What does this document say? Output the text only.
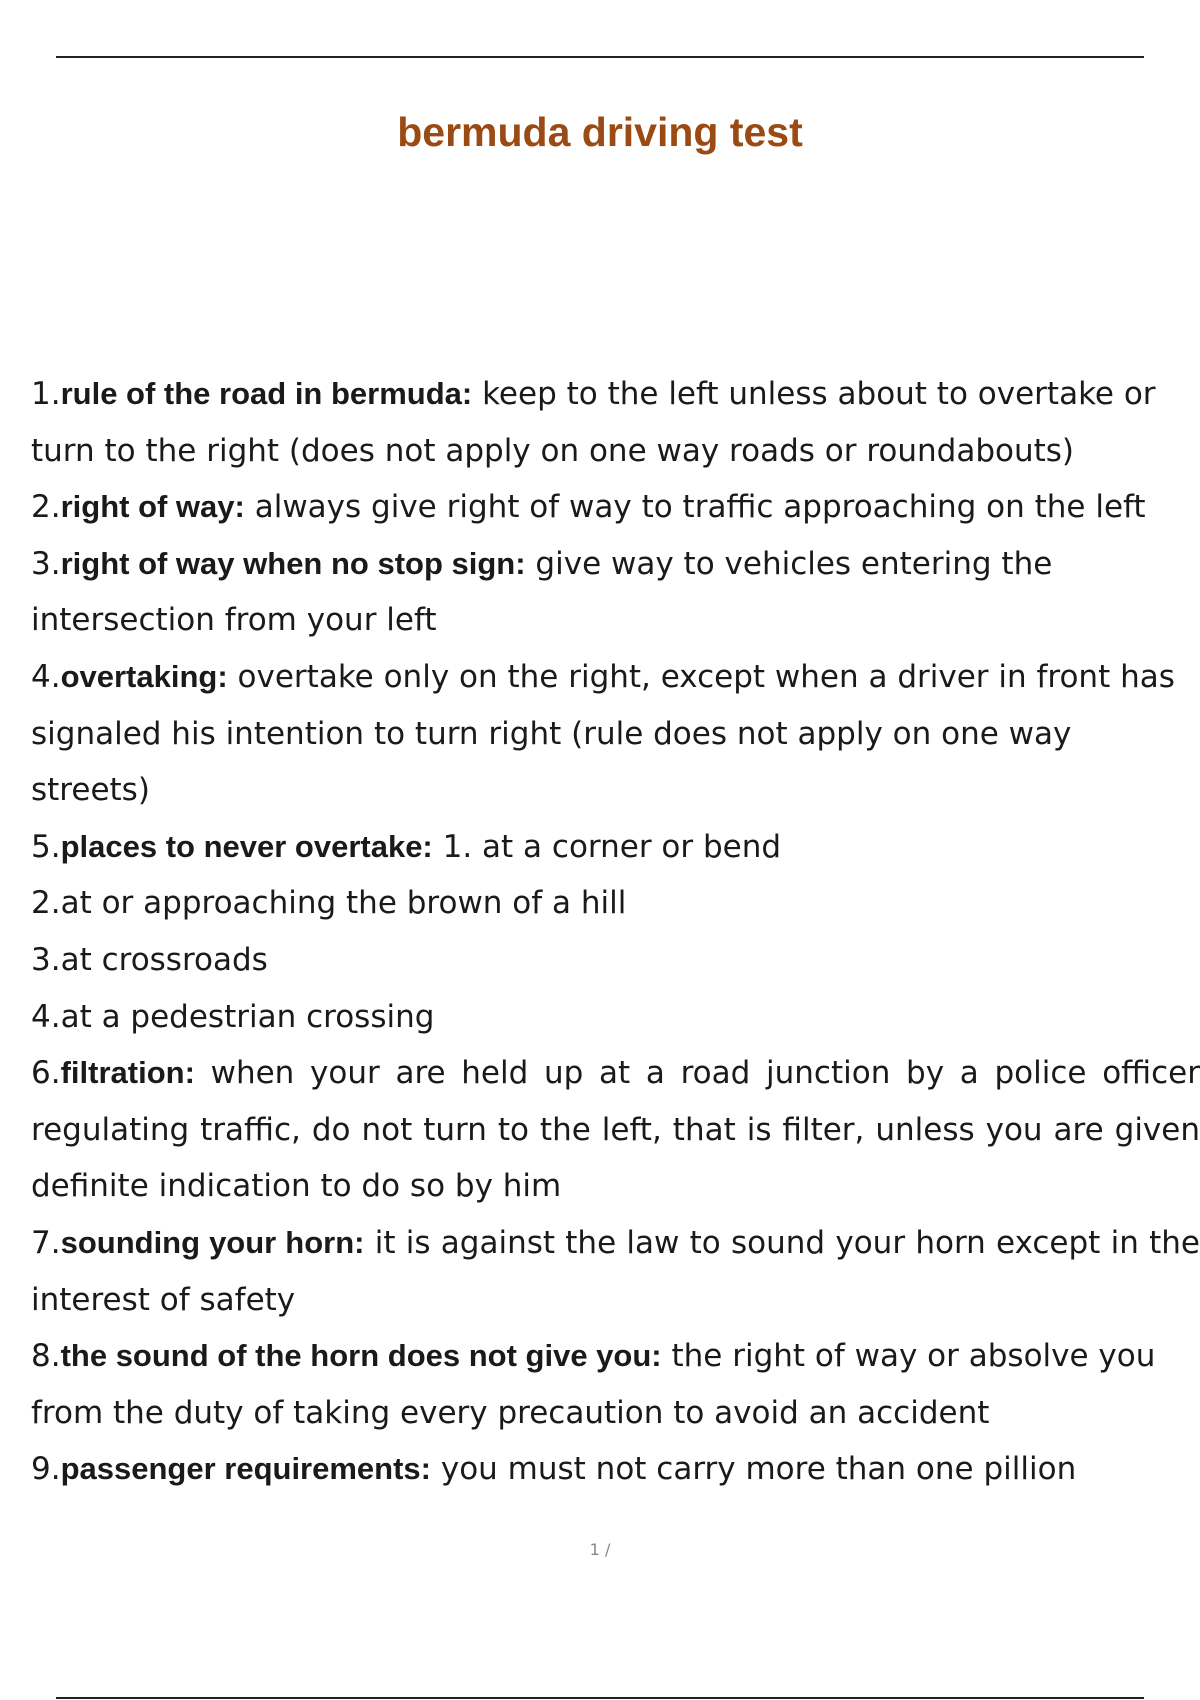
bermuda driving test

1.rule of the road in bermuda: keep to the left unless about to overtake or turn to the right (does not apply on one way roads or roundabouts)

2.right of way: always give right of way to traffic approaching on the left

3.right of way when no stop sign: give way to vehicles entering the intersection from your left

4.overtaking: overtake only on the right, except when a driver in front has signaled his intention to turn right (rule does not apply on one way streets)

5.places to never overtake: 1. at a corner or bend

2.at or approaching the brown of a hill

3.at crossroads

4.at a pedestrian crossing

6.filtration: when your are held up at a road junction by a police officer regulating traffic, do not turn to the left, that is filter, unless you are given definite indication to do so by him

7.sounding your horn: it is against the law to sound your horn except in the interest of safety

8.the sound of the horn does not give you: the right of way or absolve you from the duty of taking every precaution to avoid an accident

9.passenger requirements: you must not carry more than one pillion

1 /
